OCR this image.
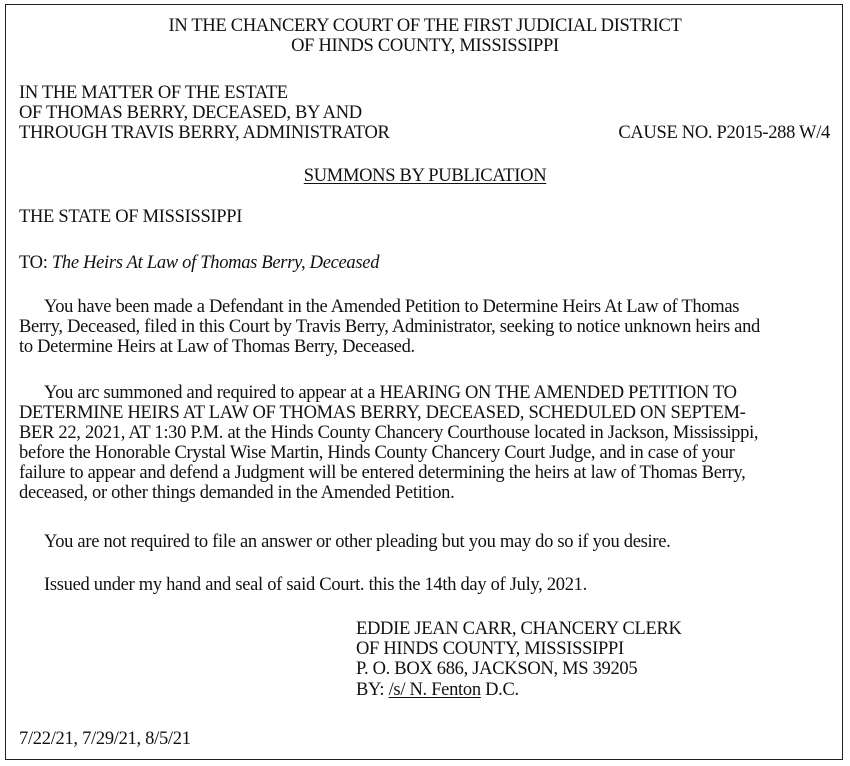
IN THE CHANCERY COURT OF THE FIRST JUDICIAL DISTRICT
OF HINDS COUNTY, MISSISSIPPI
IN THE MATTER OF THE ESTATE
OF THOMAS BERRY, DECEASED, BY AND
THROUGH TRAVIS BERRY, ADMINISTRATOR	CAUSE NO. P2015-288 W/4
SUMMONS BY PUBLICATION
THE STATE OF MISSISSIPPI
TO: The Heirs At Law of Thomas Berry, Deceased
You have been made a Defendant in the Amended Petition to Determine Heirs At Law of Thomas
Berry, Deceased, filed in this Court by Travis Berry, Administrator, seeking to notice unknown heirs and
to Determine Heirs at Law of Thomas Berry, Deceased.
You arc summoned and required to appear at a HEARING ON THE AMENDED PETITION TO
DETERMINE HEIRS AT LAW OF THOMAS BERRY, DECEASED, SCHEDULED ON SEPTEM-
BER 22, 2021, AT 1:30 P.M. at the Hinds County Chancery Courthouse located in Jackson, Mississippi,
before the Honorable Crystal Wise Martin, Hinds County Chancery Court Judge, and in case of your
failure to appear and defend a Judgment will be entered determining the heirs at law of Thomas Berry,
deceased, or other things demanded in the Amended Petition.
You are not required to file an answer or other pleading but you may do so if you desire.
Issued under my hand and seal of said Court. this the 14th day of July, 2021.
EDDIE JEAN CARR, CHANCERY CLERK
OF HINDS COUNTY, MISSISSIPPI
P. O. BOX 686, JACKSON, MS 39205
BY: /s/ N. Fenton D.C.
7/22/21, 7/29/21, 8/5/21
